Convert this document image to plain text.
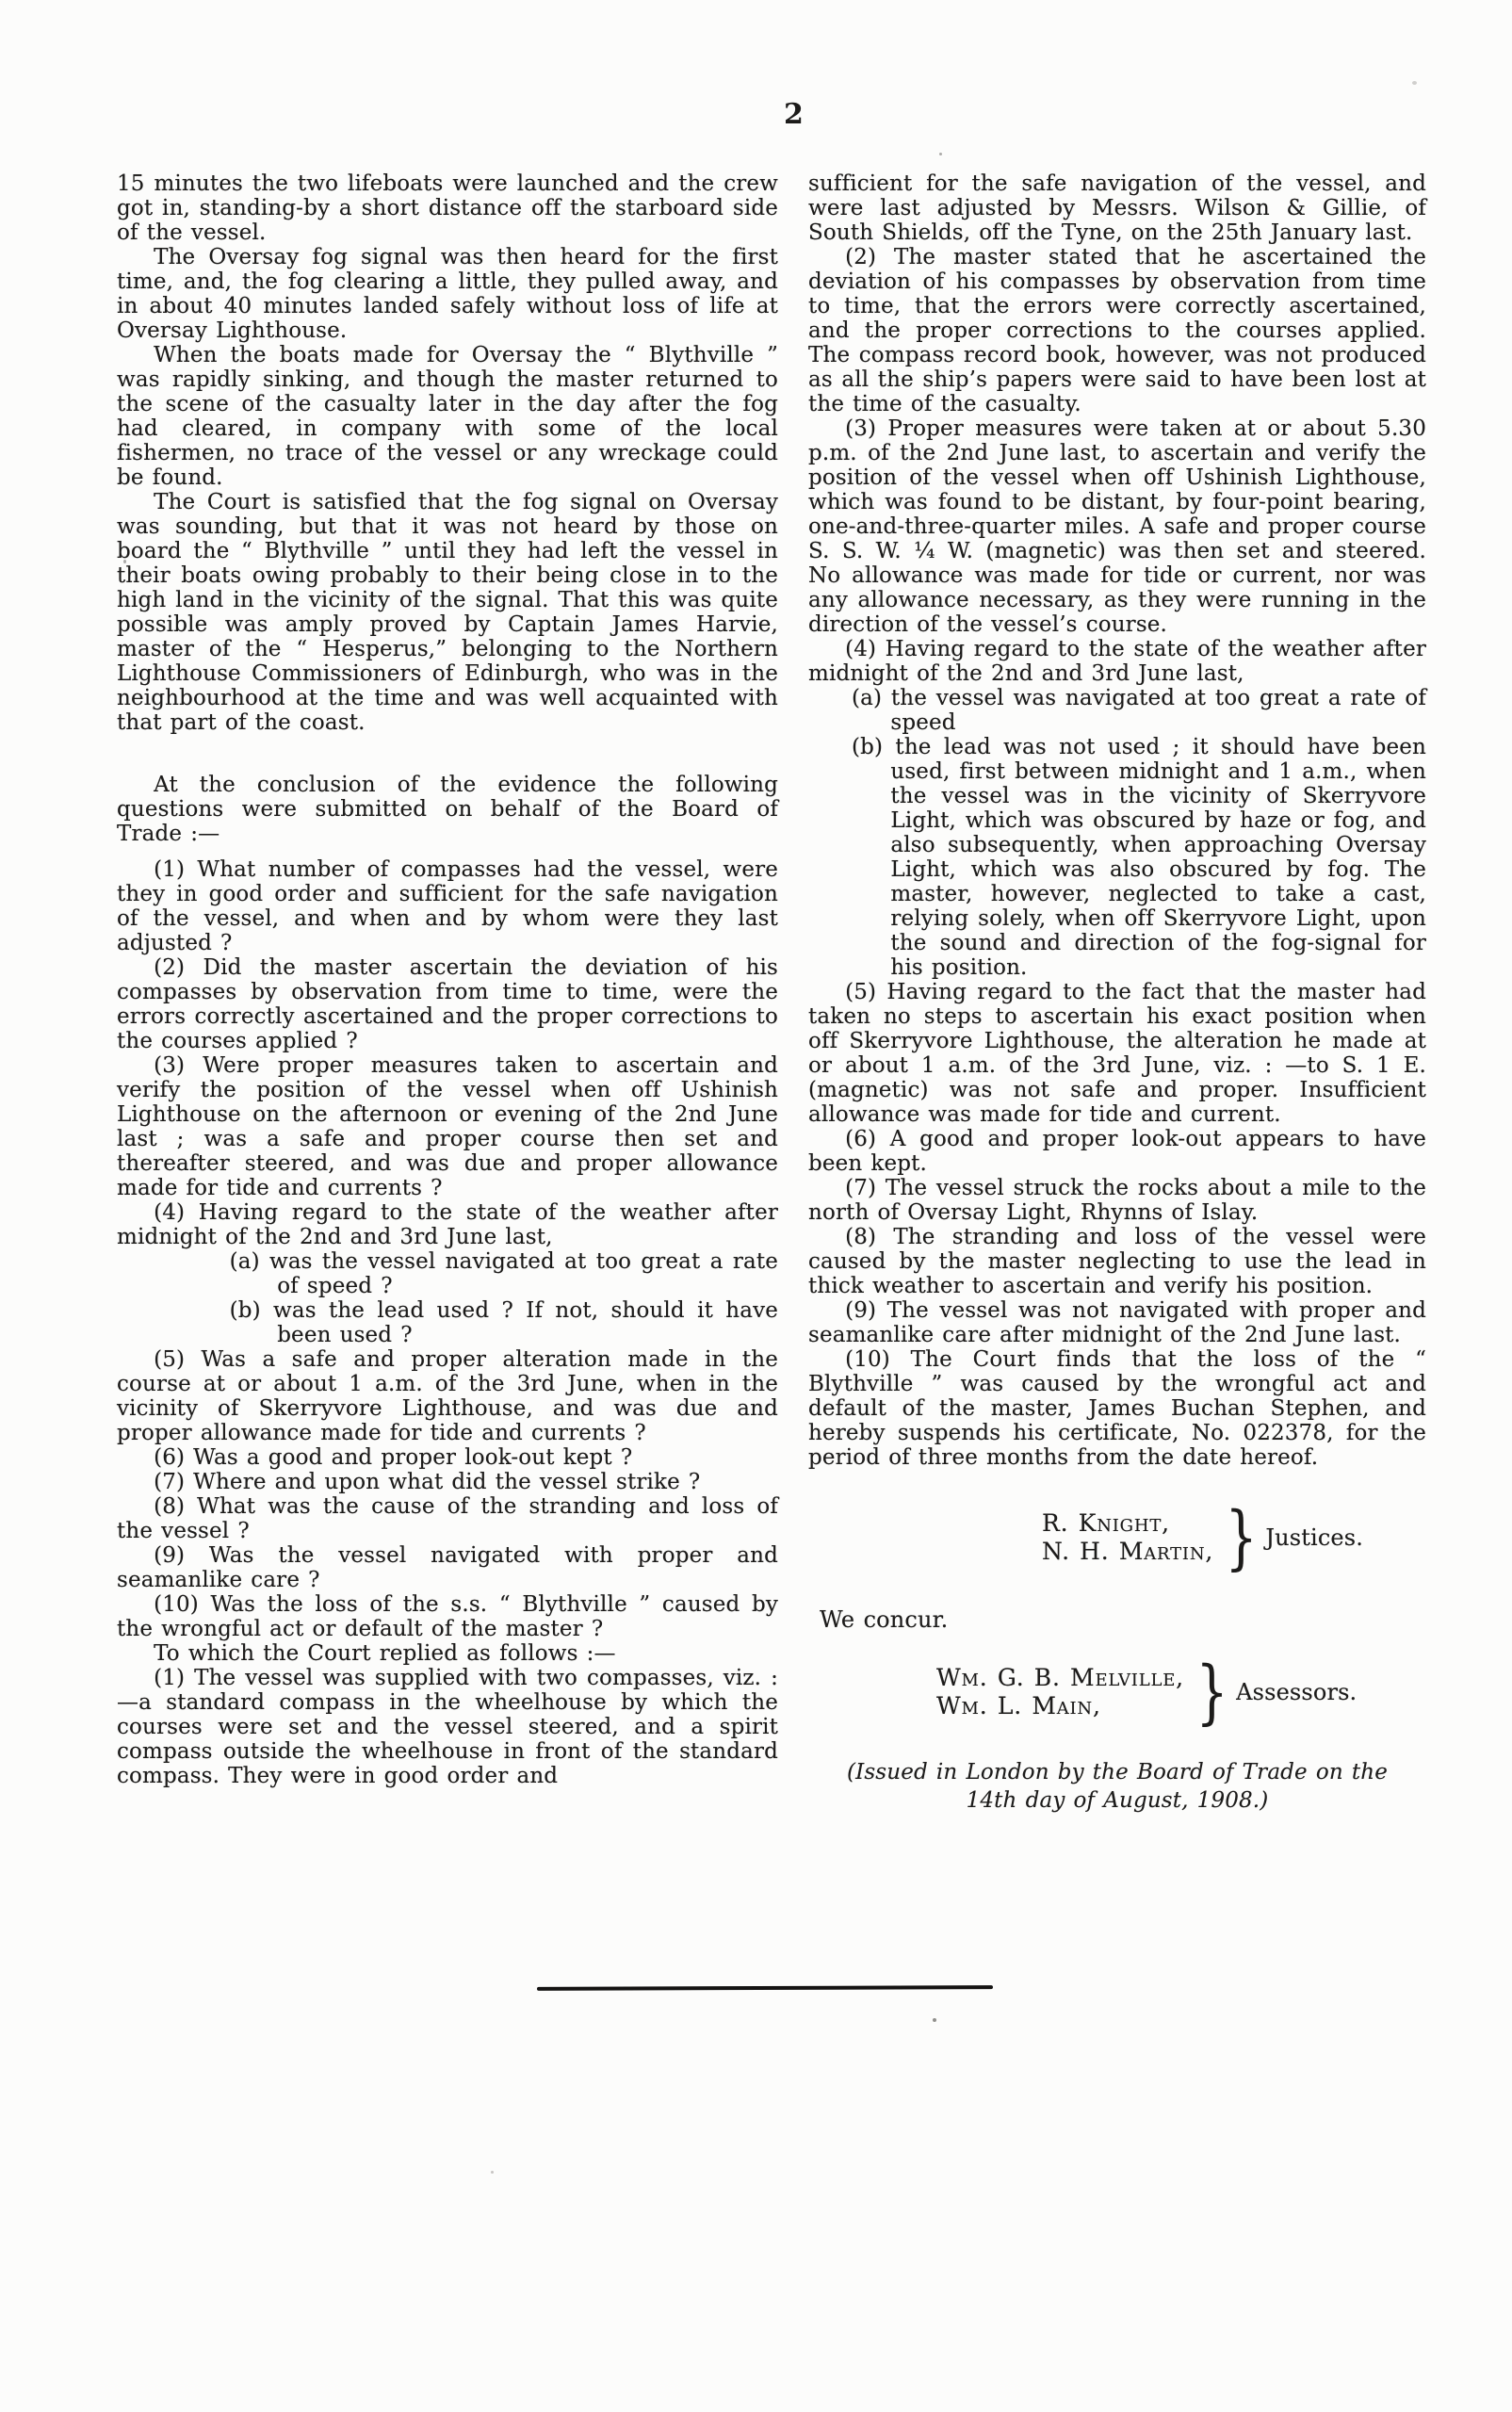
2

15 minutes the two lifeboats were launched and the crew got in, standing-by a short distance off the starboard side of the vessel.

The Oversay fog signal was then heard for the first time, and, the fog clearing a little, they pulled away, and in about 40 minutes landed safely without loss of life at Oversay Lighthouse.

When the boats made for Oversay the “ Blythville ” was rapidly sinking, and though the master returned to the scene of the casualty later in the day after the fog had cleared, in company with some of the local fishermen, no trace of the vessel or any wreckage could be found.

The Court is satisfied that the fog signal on Oversay was sounding, but that it was not heard by those on board the “ Blythville ” until they had left the vessel in their boats owing probably to their being close in to the high land in the vicinity of the signal. That this was quite possible was amply proved by Captain James Harvie, master of the “ Hesperus,” belonging to the Northern Lighthouse Commissioners of Edinburgh, who was in the neighbourhood at the time and was well acquainted with that part of the coast.

At the conclusion of the evidence the following questions were submitted on behalf of the Board of Trade :—

(1) What number of compasses had the vessel, were they in good order and sufficient for the safe navigation of the vessel, and when and by whom were they last adjusted ?

(2) Did the master ascertain the deviation of his compasses by observation from time to time, were the errors correctly ascertained and the proper corrections to the courses applied ?

(3) Were proper measures taken to ascertain and verify the position of the vessel when off Ushinish Lighthouse on the afternoon or evening of the 2nd June last ; was a safe and proper course then set and thereafter steered, and was due and proper allowance made for tide and currents ?

(4) Having regard to the state of the weather after midnight of the 2nd and 3rd June last,

(a) was the vessel navigated at too great a rate of speed ?

(b) was the lead used ? If not, should it have been used ?

(5) Was a safe and proper alteration made in the course at or about 1 a.m. of the 3rd June, when in the vicinity of Skerryvore Lighthouse, and was due and proper allowance made for tide and currents ?

(6) Was a good and proper look-out kept ?

(7) Where and upon what did the vessel strike ?

(8) What was the cause of the stranding and loss of the vessel ?

(9) Was the vessel navigated with proper and seamanlike care ?

(10) Was the loss of the s.s. “ Blythville ” caused by the wrongful act or default of the master ?

To which the Court replied as follows :—

(1) The vessel was supplied with two compasses, viz. :—a standard compass in the wheelhouse by which the courses were set and the vessel steered, and a spirit compass outside the wheelhouse in front of the standard compass. They were in good order and

sufficient for the safe navigation of the vessel, and were last adjusted by Messrs. Wilson & Gillie, of South Shields, off the Tyne, on the 25th January last.

(2) The master stated that he ascertained the deviation of his compasses by observation from time to time, that the errors were correctly ascertained, and the proper corrections to the courses applied. The compass record book, however, was not produced as all the ship’s papers were said to have been lost at the time of the casualty.

(3) Proper measures were taken at or about 5.30 p.m. of the 2nd June last, to ascertain and verify the position of the vessel when off Ushinish Lighthouse, which was found to be distant, by four-point bearing, one-and-three-quarter miles. A safe and proper course S. S. W. ¼ W. (magnetic) was then set and steered. No allowance was made for tide or current, nor was any allowance necessary, as they were running in the direction of the vessel’s course.

(4) Having regard to the state of the weather after midnight of the 2nd and 3rd June last,

(a) the vessel was navigated at too great a rate of speed

(b) the lead was not used ; it should have been used, first between midnight and 1 a.m., when the vessel was in the vicinity of Skerryvore Light, which was obscured by haze or fog, and also subsequently, when approaching Oversay Light, which was also obscured by fog. The master, however, neglected to take a cast, relying solely, when off Skerryvore Light, upon the sound and direction of the fog-signal for his position.

(5) Having regard to the fact that the master had taken no steps to ascertain his exact position when off Skerryvore Lighthouse, the alteration he made at or about 1 a.m. of the 3rd June, viz. : —to S. 1 E. (magnetic) was not safe and proper. Insufficient allowance was made for tide and current.

(6) A good and proper look-out appears to have been kept.

(7) The vessel struck the rocks about a mile to the north of Oversay Light, Rhynns of Islay.

(8) The stranding and loss of the vessel were caused by the master neglecting to use the lead in thick weather to ascertain and verify his position.

(9) The vessel was not navigated with proper and seamanlike care after midnight of the 2nd June last.

(10) The Court finds that the loss of the “ Blythville ” was caused by the wrongful act and default of the master, James Buchan Stephen, and hereby suspends his certificate, No. 022378, for the period of three months from the date hereof.

R. Knight,
N. H. Martin, } Justices.
We concur.
Wm. G. B. Melville,
Wm. L. Main,	} Assessors.
(Issued in London by the Board of Trade on the 14th day of August, 1908.)
